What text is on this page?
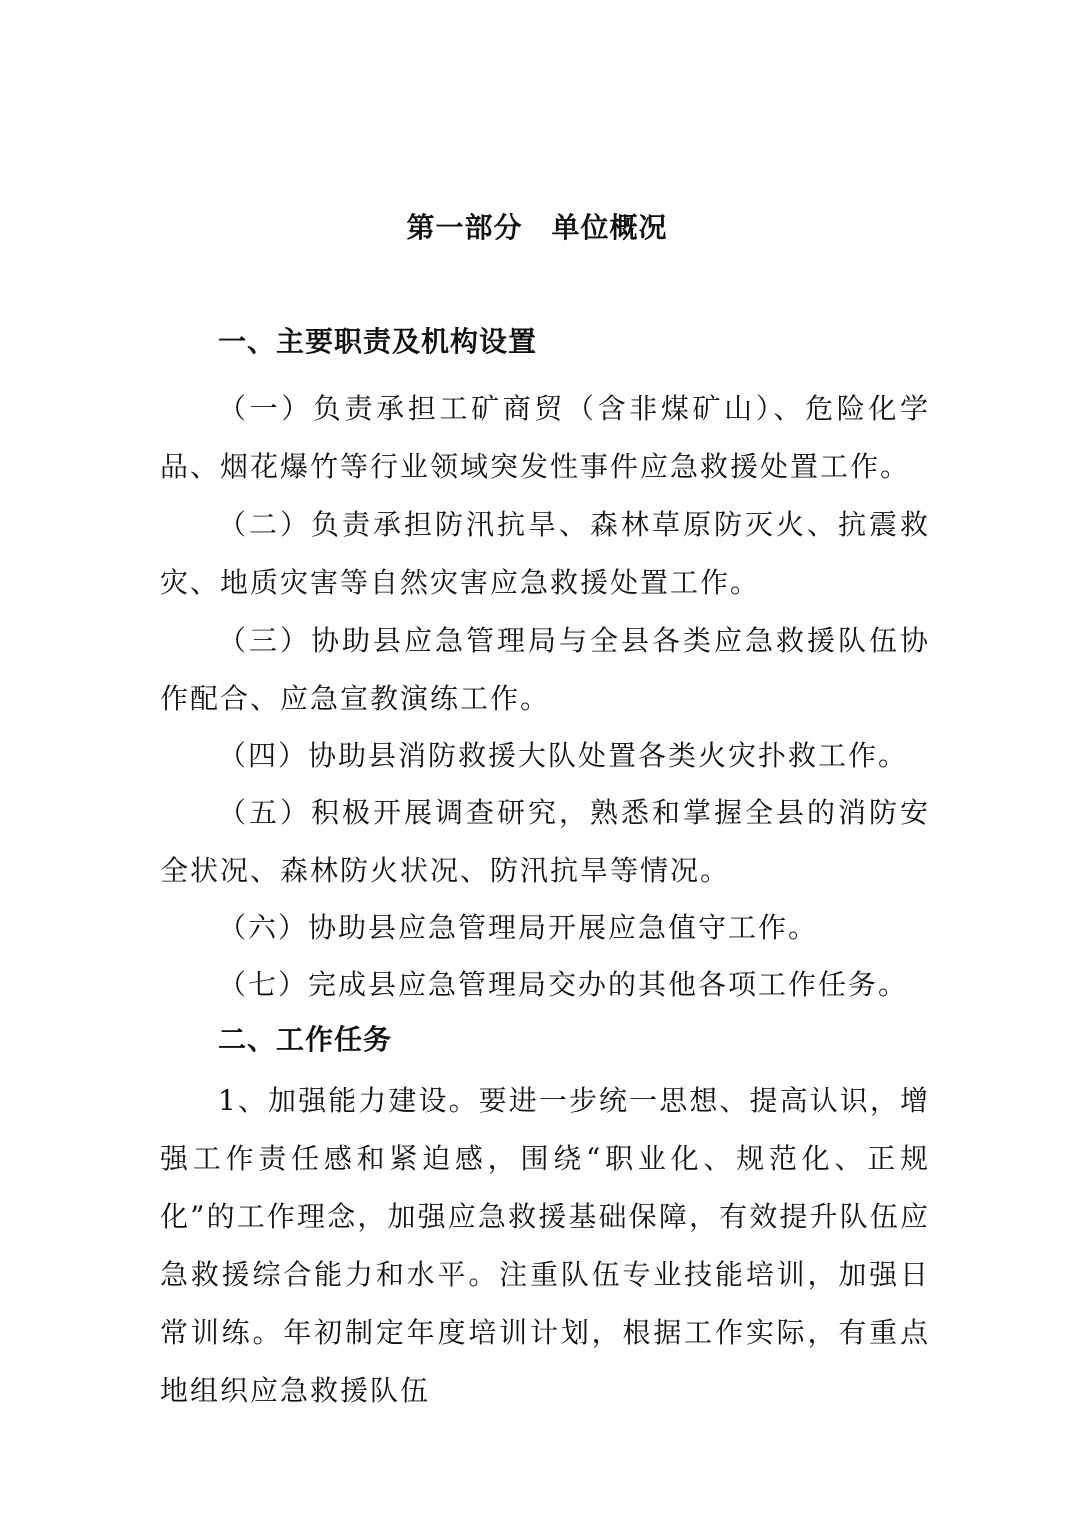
第一部分　单位概况
一、主要职责及机构设置

（一）负责承担工矿商贸（含非煤矿山）、危险化学品、烟花爆竹等行业领域突发性事件应急救援处置工作。

（二）负责承担防汛抗旱、森林草原防灭火、抗震救灾、地质灾害等自然灾害应急救援处置工作。

（三）协助县应急管理局与全县各类应急救援队伍协作配合、应急宣教演练工作。

（四）协助县消防救援大队处置各类火灾扑救工作。

（五）积极开展调查研究，熟悉和掌握全县的消防安全状况、森林防火状况、防汛抗旱等情况。

（六）协助县应急管理局开展应急值守工作。

（七）完成县应急管理局交办的其他各项工作任务。

二、工作任务

1、加强能力建设。要进一步统一思想、提高认识，增强工作责任感和紧迫感，围绕“职业化、规范化、正规化”的工作理念，加强应急救援基础保障，有效提升队伍应急救援综合能力和水平。注重队伍专业技能培训，加强日常训练。年初制定年度培训计划，根据工作实际，有重点地组织应急救援队伍
